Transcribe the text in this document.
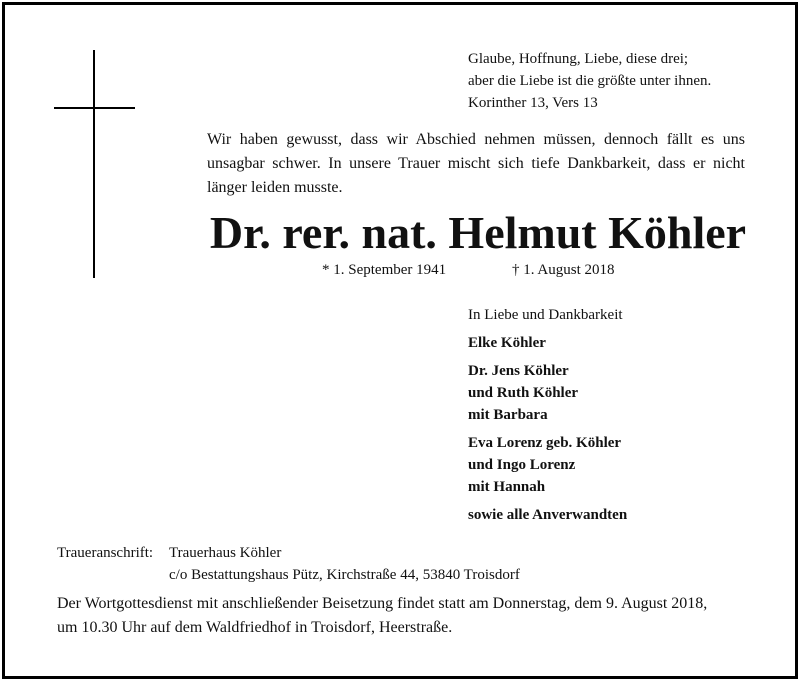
Glaube, Hoffnung, Liebe, diese drei;
aber die Liebe ist die größte unter ihnen.
Korinther 13, Vers 13
Wir haben gewusst, dass wir Abschied nehmen müssen, dennoch fällt es uns
unsagbar schwer. In unsere Trauer mischt sich tiefe Dankbarkeit, dass er nicht
länger leiden musste.
Dr. rer. nat. Helmut Köhler
* 1. September 1941	† 1. August 2018
In Liebe und Dankbarkeit
Elke Köhler
Dr. Jens Köhler
und Ruth Köhler
mit Barbara
Eva Lorenz geb. Köhler
und Ingo Lorenz
mit Hannah
sowie alle Anverwandten
Traueranschrift: Trauerhaus Köhler
c/o Bestattungshaus Pütz, Kirchstraße 44, 53840 Troisdorf
Der Wortgottesdienst mit anschließender Beisetzung findet statt am Donnerstag, dem 9. August 2018,
um 10.30 Uhr auf dem Waldfriedhof in Troisdorf, Heerstraße.
